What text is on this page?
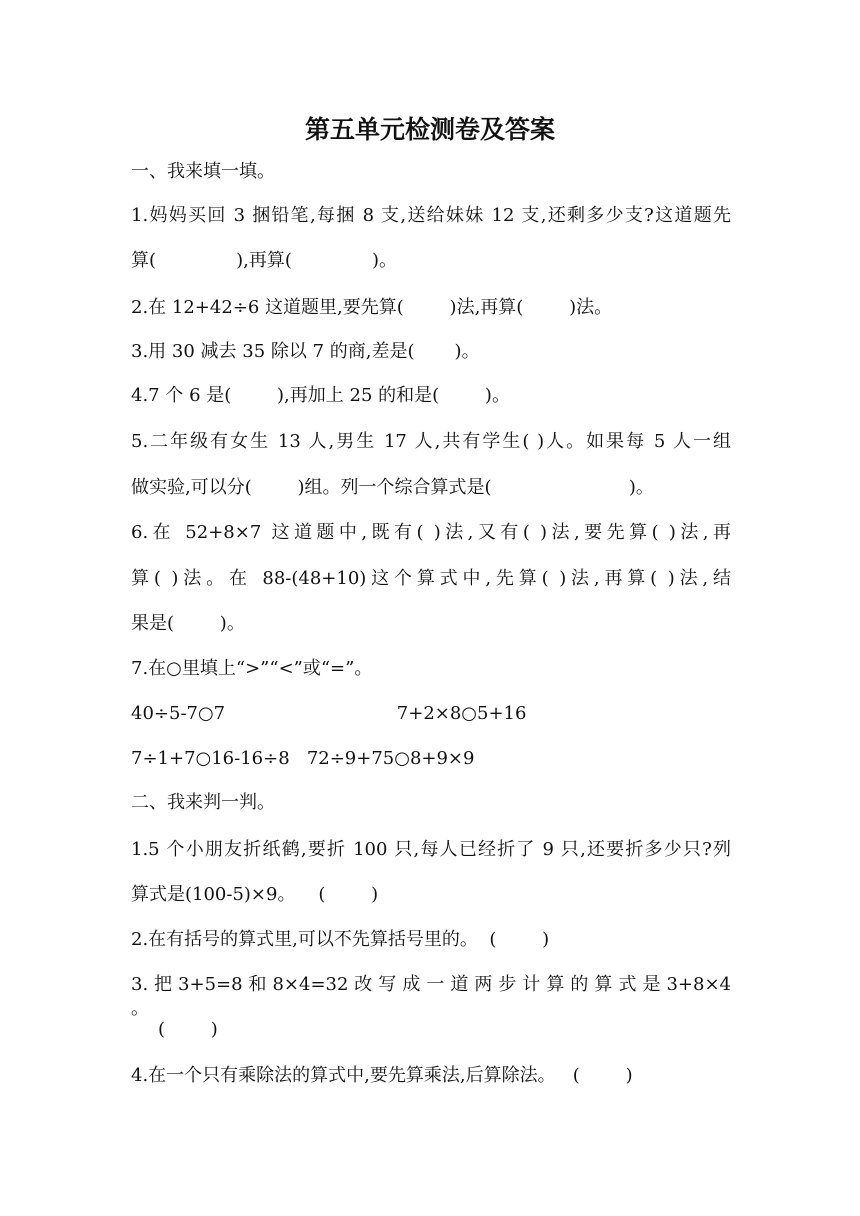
第五单元检测卷及答案
一、我来填一填。
1.妈妈买回 3 捆铅笔,每捆 8 支,送给妹妹 12 支,还剩多少支?这道题先
算(              ),再算(              )。
2.在 12+42÷6 这道题里,要先算(        )法,再算(        )法。
3.用 30 减去 35 除以 7 的商,差是(       )。
4.7 个 6 是(        ),再加上 25 的和是(        )。
5.二年级有女生 13 人,男生 17 人,共有学生( )人。如果每 5 人一组
做实验,可以分(        )组。列一个综合算式是(                        )。
6.在 52+8×7 这道题中,既有( )法,又有( )法,要先算( )法,再
算( )法。在 88-(48+10)这个算式中,先算( )法,再算( )法,结
果是(        )。
7.在○里填上“>”“<”或“=”。
40÷5-7○7                              7+2×8○5+16
7÷1+7○16-16÷8   72÷9+75○8+9×9
二、我来判一判。
1.5 个小朋友折纸鹤,要折 100 只,每人已经折了 9 只,还要折多少只?列
算式是(100-5)×9。    (        )
2.在有括号的算式里,可以不先算括号里的。  (        )
3. 把 3+5=8 和 8×4=32 改 写 成 一 道 两 步 计 算 的 算 式 是 3+8×4 。
(        )
4.在一个只有乘除法的算式中,要先算乘法,后算除法。   (        )
